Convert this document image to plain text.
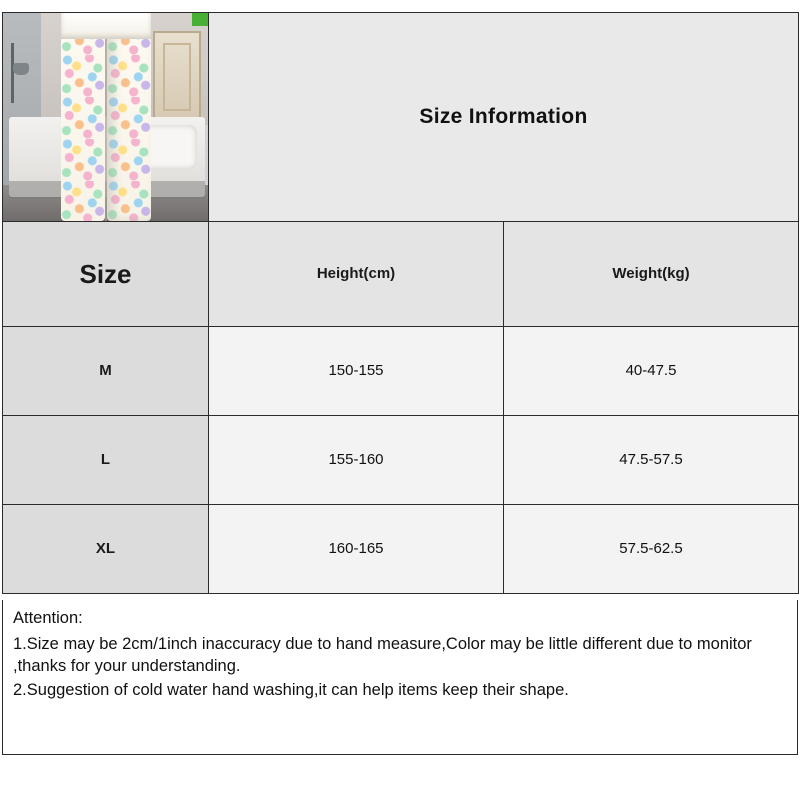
	Size Information	
Size	Height(cm)	Weight(kg)
M	150-155	40-47.5
L	155-160	47.5-57.5
XL	160-165	57.5-62.5

Attention:

1.Size may be 2cm/1inch inaccuracy due to hand measure,Color may be little different due to monitor ,thanks for your understanding.

2.Suggestion of cold water hand washing,it can help items keep their shape.
